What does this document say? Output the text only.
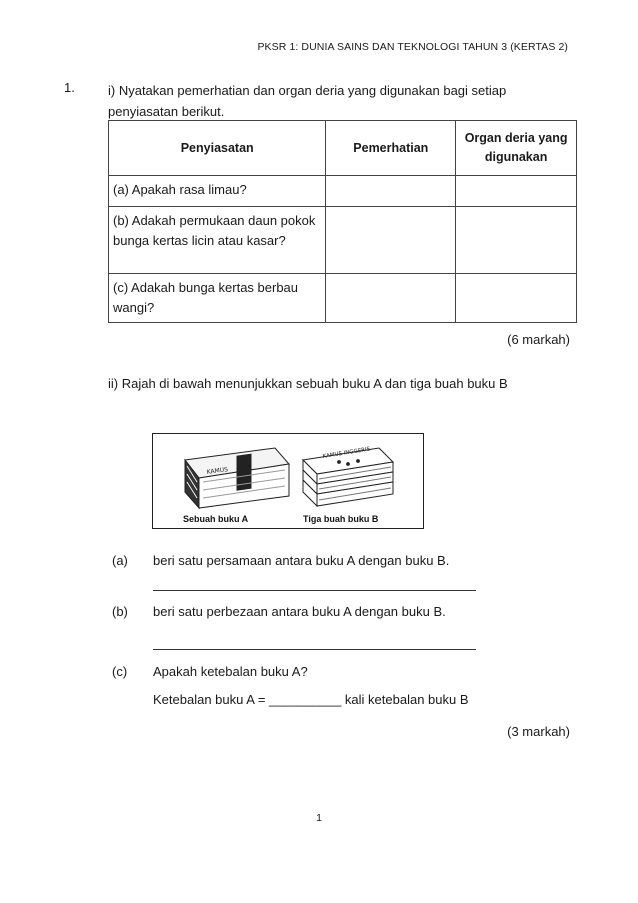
PKSR 1: DUNIA SAINS DAN TEKNOLOGI TAHUN 3 (KERTAS 2)
1.	i) Nyatakan pemerhatian dan organ deria yang digunakan bagi setiap penyiasatan berikut.
Penyiasatan	Pemerhatian	Organ deria yang digunakan
(a) Apakah rasa limau?		
(b) Adakah permukaan daun pokok bunga kertas licin atau kasar?		
(c) Adakah bunga kertas berbau wangi?		
(6 markah)
ii) Rajah di bawah menunjukkan sebuah buku A dan tiga buah buku B
KAMUS
KAMUS INGGERIS
Sebuah buku A	Tiga buah buku B
(a) beri satu persamaan antara buku A dengan buku B.
(b) beri satu perbezaan antara buku A dengan buku B.
(c) Apakah ketebalan buku A?
Ketebalan buku A = __________ kali ketebalan buku B
(3 markah)
1
